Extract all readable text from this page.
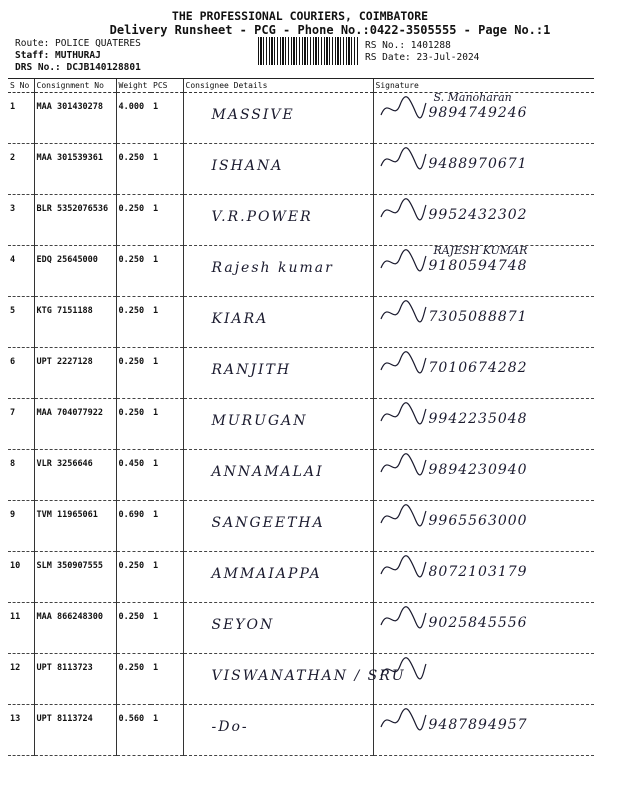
THE PROFESSIONAL COURIERS, COIMBATORE
Delivery Runsheet - PCG - Phone No.:0422-3505555 - Page No.:1
Route: POLICE QUATERES
Staff: MUTHURAJ
DRS No.: DCJB140128801
RS No.: 1401288
RS Date: 23-Jul-2024
S No	Consignment No	Weight	PCS	Consignee Details	Signature
1	MAA 301430278	4.000	1	MASSIVE	9894749246
S. Manoharan

2	MAA 301539361	0.250	1	ISHANA	9488970671

3	BLR 5352076536	0.250	1	V.R.POWER	9952432302

4	EDQ 25645000	0.250	1	Rajesh kumar	9180594748
RAJESH KUMAR

5	KTG 7151188	0.250	1	KIARA	7305088871

6	UPT 2227128	0.250	1	RANJITH	7010674282

7	MAA 704077922	0.250	1	MURUGAN	9942235048

8	VLR 3256646	0.450	1	ANNAMALAI	9894230940

9	TVM 11965061	0.690	1	SANGEETHA	9965563000

10	SLM 350907555	0.250	1	AMMAIAPPA	8072103179

11	MAA 866248300	0.250	1	SEYON	9025845556

12	UPT 8113723	0.250	1	VISWANATHAN / SRU	

13	UPT 8113724	0.560	1	-Do-	9487894957
